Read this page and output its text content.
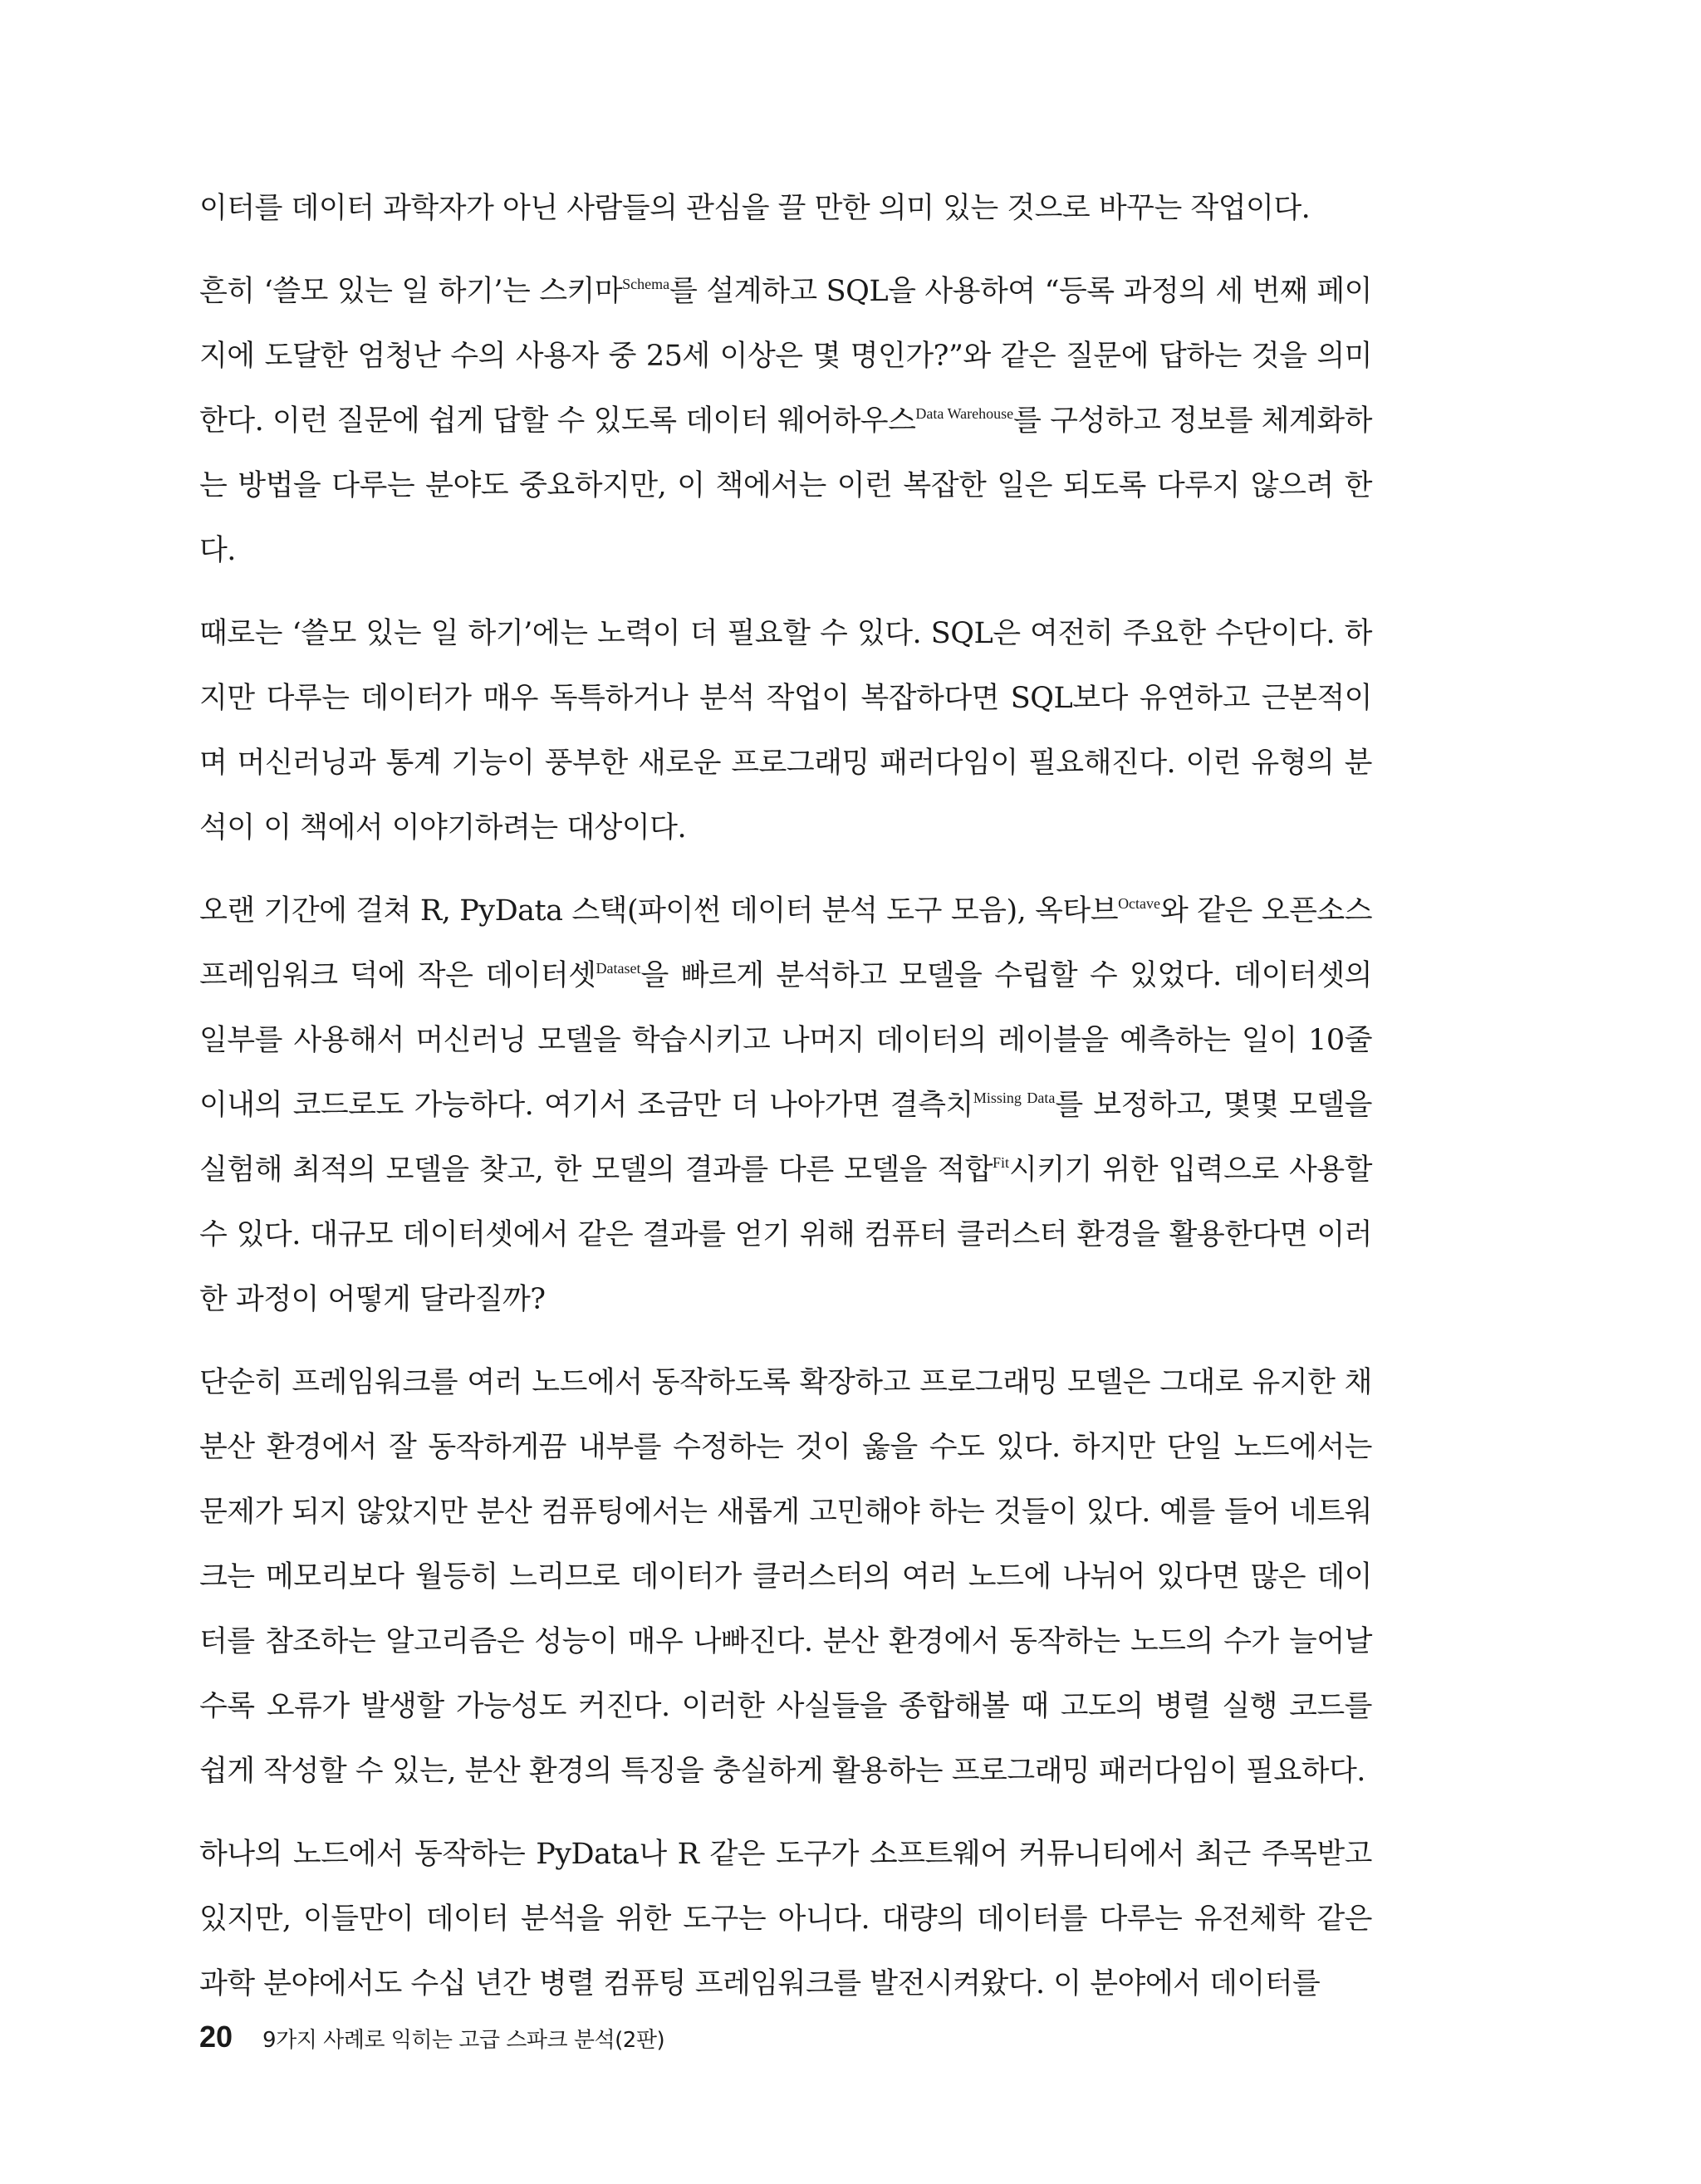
이터를 데이터 과학자가 아닌 사람들의 관심을 끌 만한 의미 있는 것으로 바꾸는 작업이다.

흔히 ‘쓸모 있는 일 하기’는 스키마$^{Schema}$를 설계하고 SQL을 사용하여 “등록 과정의 세 번째 페이지에 도달한 엄청난 수의 사용자 중 25세 이상은 몇 명인가?”와 같은 질문에 답하는 것을 의미한다. 이런 질문에 쉽게 답할 수 있도록 데이터 웨어하우스$^{Data Warehouse}$를 구성하고 정보를 체계화하는 방법을 다루는 분야도 중요하지만, 이 책에서는 이런 복잡한 일은 되도록 다루지 않으려 한다.

때로는 ‘쓸모 있는 일 하기’에는 노력이 더 필요할 수 있다. SQL은 여전히 주요한 수단이다. 하지만 다루는 데이터가 매우 독특하거나 분석 작업이 복잡하다면 SQL보다 유연하고 근본적이며 머신러닝과 통계 기능이 풍부한 새로운 프로그래밍 패러다임이 필요해진다. 이런 유형의 분석이 이 책에서 이야기하려는 대상이다.

오랜 기간에 걸쳐 R, PyData 스택(파이썬 데이터 분석 도구 모음), 옥타브$^{Octave}$와 같은 오픈소스 프레임워크 덕에 작은 데이터셋$^{Dataset}$을 빠르게 분석하고 모델을 수립할 수 있었다. 데이터셋의 일부를 사용해서 머신러닝 모델을 학습시키고 나머지 데이터의 레이블을 예측하는 일이 10줄 이내의 코드로도 가능하다. 여기서 조금만 더 나아가면 결측치$^{Missing Data}$를 보정하고, 몇몇 모델을 실험해 최적의 모델을 찾고, 한 모델의 결과를 다른 모델을 적합$^{Fit}$시키기 위한 입력으로 사용할 수 있다. 대규모 데이터셋에서 같은 결과를 얻기 위해 컴퓨터 클러스터 환경을 활용한다면 이러한 과정이 어떻게 달라질까?

단순히 프레임워크를 여러 노드에서 동작하도록 확장하고 프로그래밍 모델은 그대로 유지한 채 분산 환경에서 잘 동작하게끔 내부를 수정하는 것이 옳을 수도 있다. 하지만 단일 노드에서는 문제가 되지 않았지만 분산 컴퓨팅에서는 새롭게 고민해야 하는 것들이 있다. 예를 들어 네트워크는 메모리보다 월등히 느리므로 데이터가 클러스터의 여러 노드에 나뉘어 있다면 많은 데이터를 참조하는 알고리즘은 성능이 매우 나빠진다. 분산 환경에서 동작하는 노드의 수가 늘어날수록 오류가 발생할 가능성도 커진다. 이러한 사실들을 종합해볼 때 고도의 병렬 실행 코드를 쉽게 작성할 수 있는, 분산 환경의 특징을 충실하게 활용하는 프로그래밍 패러다임이 필요하다.

하나의 노드에서 동작하는 PyData나 R 같은 도구가 소프트웨어 커뮤니티에서 최근 주목받고 있지만, 이들만이 데이터 분석을 위한 도구는 아니다. 대량의 데이터를 다루는 유전체학 같은 과학 분야에서도 수십 년간 병렬 컴퓨팅 프레임워크를 발전시켜왔다. 이 분야에서 데이터를

20 9가지 사례로 익히는 고급 스파크 분석(2판)
